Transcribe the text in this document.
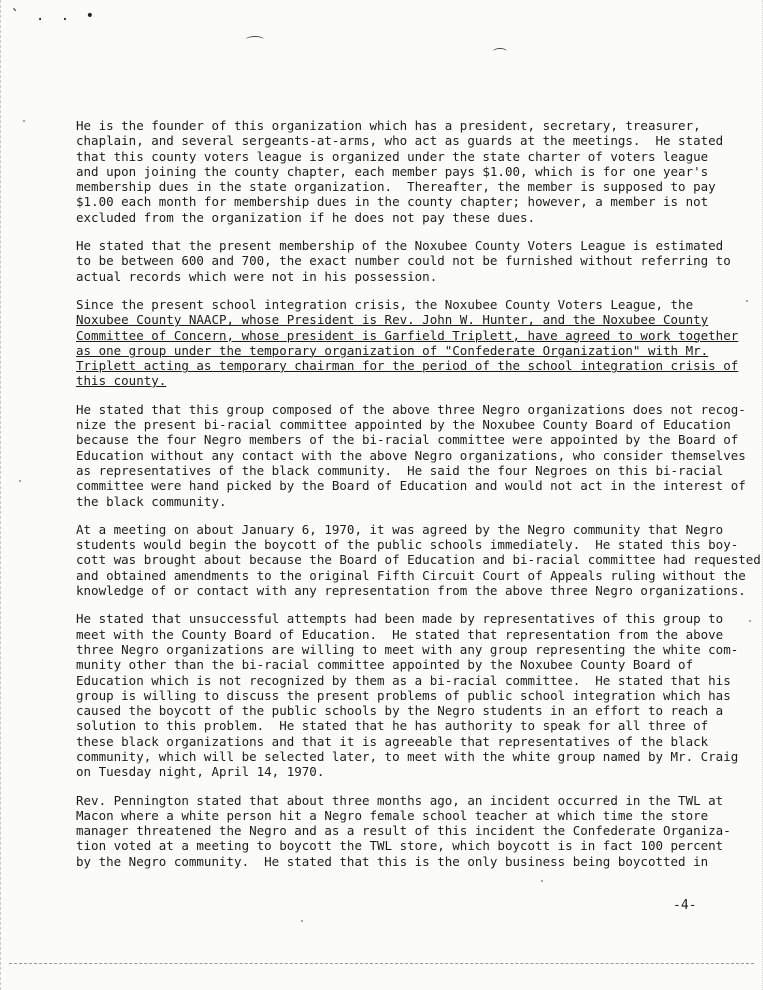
` . . •

He is the founder of this organization which has a president, secretary, treasurer,
chaplain, and several sergeants-at-arms, who act as guards at the meetings.  He stated
that this county voters league is organized under the state charter of voters league
and upon joining the county chapter, each member pays $1.00, which is for one year's
membership dues in the state organization.  Thereafter, the member is supposed to pay
$1.00 each month for membership dues in the county chapter; however, a member is not
excluded from the organization if he does not pay these dues.

He stated that the present membership of the Noxubee County Voters League is estimated
to be between 600 and 700, the exact number could not be furnished without referring to
actual records which were not in his possession.

Since the present school integration crisis, the Noxubee County Voters League, the
Noxubee County NAACP, whose President is Rev. John W. Hunter, and the Noxubee County
Committee of Concern, whose president is Garfield Triplett, have agreed to work together
as one group under the temporary organization of "Confederate Organization" with Mr.
Triplett acting as temporary chairman for the period of the school integration crisis of
this county.

He stated that this group composed of the above three Negro organizations does not recog-
nize the present bi-racial committee appointed by the Noxubee County Board of Education
because the four Negro members of the bi-racial committee were appointed by the Board of
Education without any contact with the above Negro organizations, who consider themselves
as representatives of the black community.  He said the four Negroes on this bi-racial
committee were hand picked by the Board of Education and would not act in the interest of
the black community.

At a meeting on about January 6, 1970, it was agreed by the Negro community that Negro
students would begin the boycott of the public schools immediately.  He stated this boy-
cott was brought about because the Board of Education and bi-racial committee had requested
and obtained amendments to the original Fifth Circuit Court of Appeals ruling without the
knowledge of or contact with any representation from the above three Negro organizations.

He stated that unsuccessful attempts had been made by representatives of this group to
meet with the County Board of Education.  He stated that representation from the above
three Negro organizations are willing to meet with any group representing the white com-
munity other than the bi-racial committee appointed by the Noxubee County Board of
Education which is not recognized by them as a bi-racial committee.  He stated that his
group is willing to discuss the present problems of public school integration which has
caused the boycott of the public schools by the Negro students in an effort to reach a
solution to this problem.  He stated that he has authority to speak for all three of
these black organizations and that it is agreeable that representatives of the black
community, which will be selected later, to meet with the white group named by Mr. Craig
on Tuesday night, April 14, 1970.

Rev. Pennington stated that about three months ago, an incident occurred in the TWL at
Macon where a white person hit a Negro female school teacher at which time the store
manager threatened the Negro and as a result of this incident the Confederate Organiza-
tion voted at a meeting to boycott the TWL store, which boycott is in fact 100 percent
by the Negro community.  He stated that this is the only business being boycotted in

-4-
